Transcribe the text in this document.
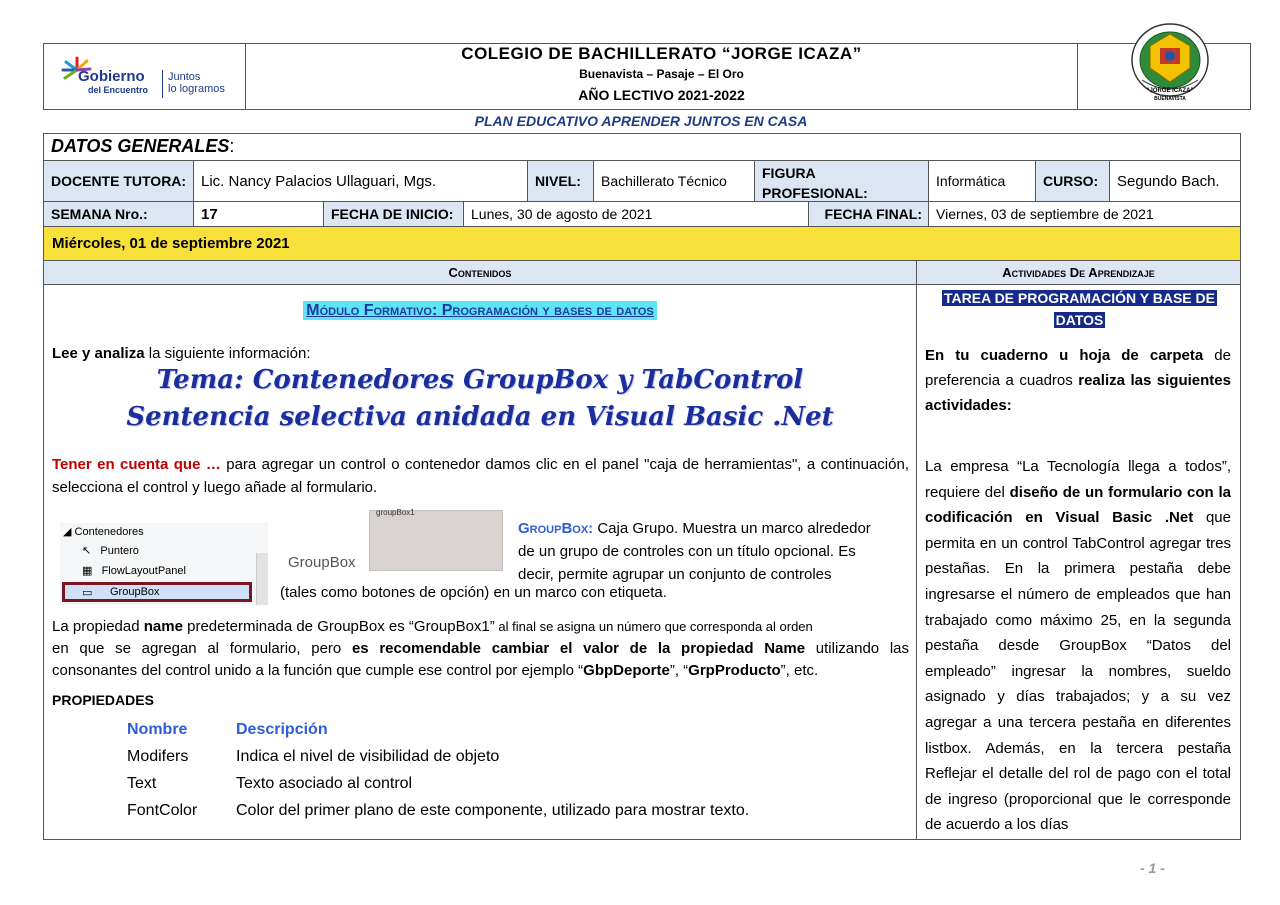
Gobierno
del Encuentro
Juntos
lo logramos
COLEGIO DE BACHILLERATO “JORGE ICAZA”
Buenavista – Pasaje – El Oro
AÑO LECTIVO 2021-2022	“JORGE ICAZA”
BUENAVISTA
PLAN EDUCATIVO APRENDER JUNTOS EN CASA
DATOS GENERALES:
DOCENTE TUTORA: Lic. Nancy Palacios Ullaguari, Mgs.	NIVEL:	Bachillerato Técnico	FIGURA
PROFESIONAL:
Informática	CURSO:	Segundo Bach.
SEMANA Nro.:	17	FECHA DE INICIO:	Lunes, 30 de agosto de 2021	FECHA FINAL:	Viernes, 03 de septiembre de 2021
Miércoles, 01 de septiembre 2021
Contenidos	Actividades De Aprendizaje
Módulo Formativo: Programación y bases de datos

Lee y analiza la siguiente información:

Tema: Contenedores GroupBox y TabControl
Sentencia selectiva anidada en Visual Basic .Net

Tener en cuenta que … para agregar un control o contenedor damos clic en el panel "caja de herramientas", a continuación, selecciona el control y luego añade al formulario.

◢ Contenedores
↖ Puntero
▦ FlowLayoutPanel
▭ GroupBox
GroupBox
groupBox1
GroupBox: Caja Grupo. Muestra un marco alrededor
de un grupo de controles con un título opcional. Es
decir, permite agrupar un conjunto de controles
(tales como botones de opción) en un marco con etiqueta.
La propiedad name predeterminada de GroupBox es “GroupBox1” al final se asigna un número que corresponda al orden
en que se agregan al formulario, pero es recomendable cambiar el valor de la propiedad Name utilizando las
consonantes del control unido a la función que cumple ese control por ejemplo “GbpDeporte”, “GrpProducto”, etc.
PROPIEDADES
Nombre	Descripción
Modifers	Indica el nivel de visibilidad de objeto
Text	Texto asociado al control
FontColor	Color del primer plano de este componente, utilizado para mostrar texto.
TAREA DE PROGRAMACIÓN Y BASE DE
DATOS

En tu cuaderno u hoja de carpeta de preferencia a cuadros realiza las siguientes actividades:

La empresa “La Tecnología llega a todos”, requiere del diseño de un formulario con la codificación en Visual Basic .Net que permita en un control TabControl agregar tres pestañas. En la primera pestaña debe ingresarse el número de empleados que han trabajado como máximo 25, en la segunda pestaña desde GroupBox “Datos del empleado” ingresar la nombres, sueldo asignado y días trabajados; y a su vez agregar a una tercera pestaña en diferentes listbox. Además, en la tercera pestaña Reflejar el detalle del rol de pago con el total de ingreso (proporcional que le corresponde de acuerdo a los días

- 1 -
